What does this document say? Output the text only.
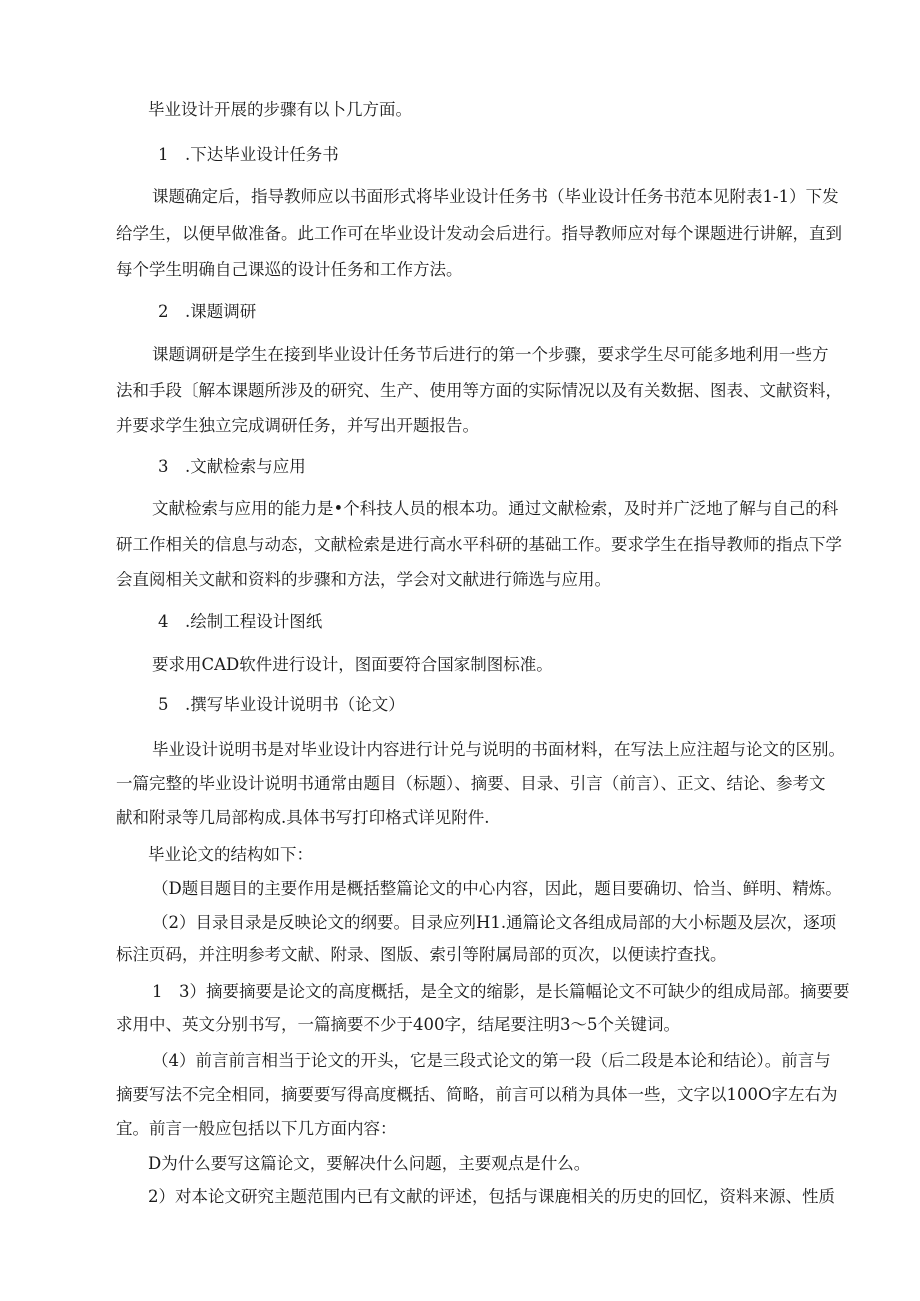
毕业设计开展的步骤有以卜几方面。

1　.下达毕业设计任务书

课题确定后，指导教师应以书面形式将毕业设计任务书（毕业设计任务书范本见附表1-1）下发

给学生，以便早做准备。此工作可在毕业设计发动会后进行。指导教师应对每个课题进行讲解，直到

每个学生明确自己课巡的设计任务和工作方法。

2　.课题调研

课题调研是学生在接到毕业设计任务节后进行的第一个步骤，要求学生尽可能多地利用一些方

法和手段〔解本课题所涉及的研究、生产、使用等方面的实际情况以及有关数据、图表、文献资料，

并要求学生独立完成调研任务，并写出开题报告。

3　.文献检索与应用

文献检索与应用的能力是•个科技人员的根本功。通过文献检索，及时并广泛地了解与自己的科

研工作相关的信息与动态，文献检索是进行高水平科研的基础工作。要求学生在指导教师的指点下学

会直阅相关文献和资料的步骤和方法，学会对文献进行筛选与应用。

4　.绘制工程设计图纸

要求用CAD软件进行设计，图面要符合国家制图标准。

5　.撰写毕业设计说明书（论文）

毕业设计说明书是对毕业设计内容进行计兑与说明的书面材料，在写法上应注超与论文的区别。

一篇完整的毕业设计说明书通常由题目（标题）、摘要、目录、引言（前言）、正文、结论、参考文

献和附录等几局部构成.具体书写打印格式详见附件.

毕业论文的结构如下：

（D题目题目的主要作用是概括整篇论文的中心内容，因此，题目要确切、恰当、鲜明、精炼。

（2）目录目录是反映论文的纲要。目录应列H1.通篇论文各组成局部的大小标题及层次，逐项

标注页码，并注明参考文献、附录、图版、索引等附属局部的页次，以便读拧查找。

1　3）摘要摘要是论文的高度概括，是全文的缩影，是长篇幅论文不可缺少的组成局部。摘要要

求用中、英文分别书写，一篇摘要不少于400字，结尾要注明3～5个关键词。

（4）前言前言相当于论文的开头，它是三段式论文的第一段（后二段是本论和结论）。前言与

摘要写法不完全相同，摘要要写得高度概括、简略，前言可以稍为具体一些，文字以100O字左右为

宜。前言一般应包括以下几方面内容：

D为什么要写这篇论文，要解决什么问题，主要观点是什么。

2）对本论文研究主题范围内已有文献的评述，包括与课鹿相关的历史的回忆，资料来源、性质
